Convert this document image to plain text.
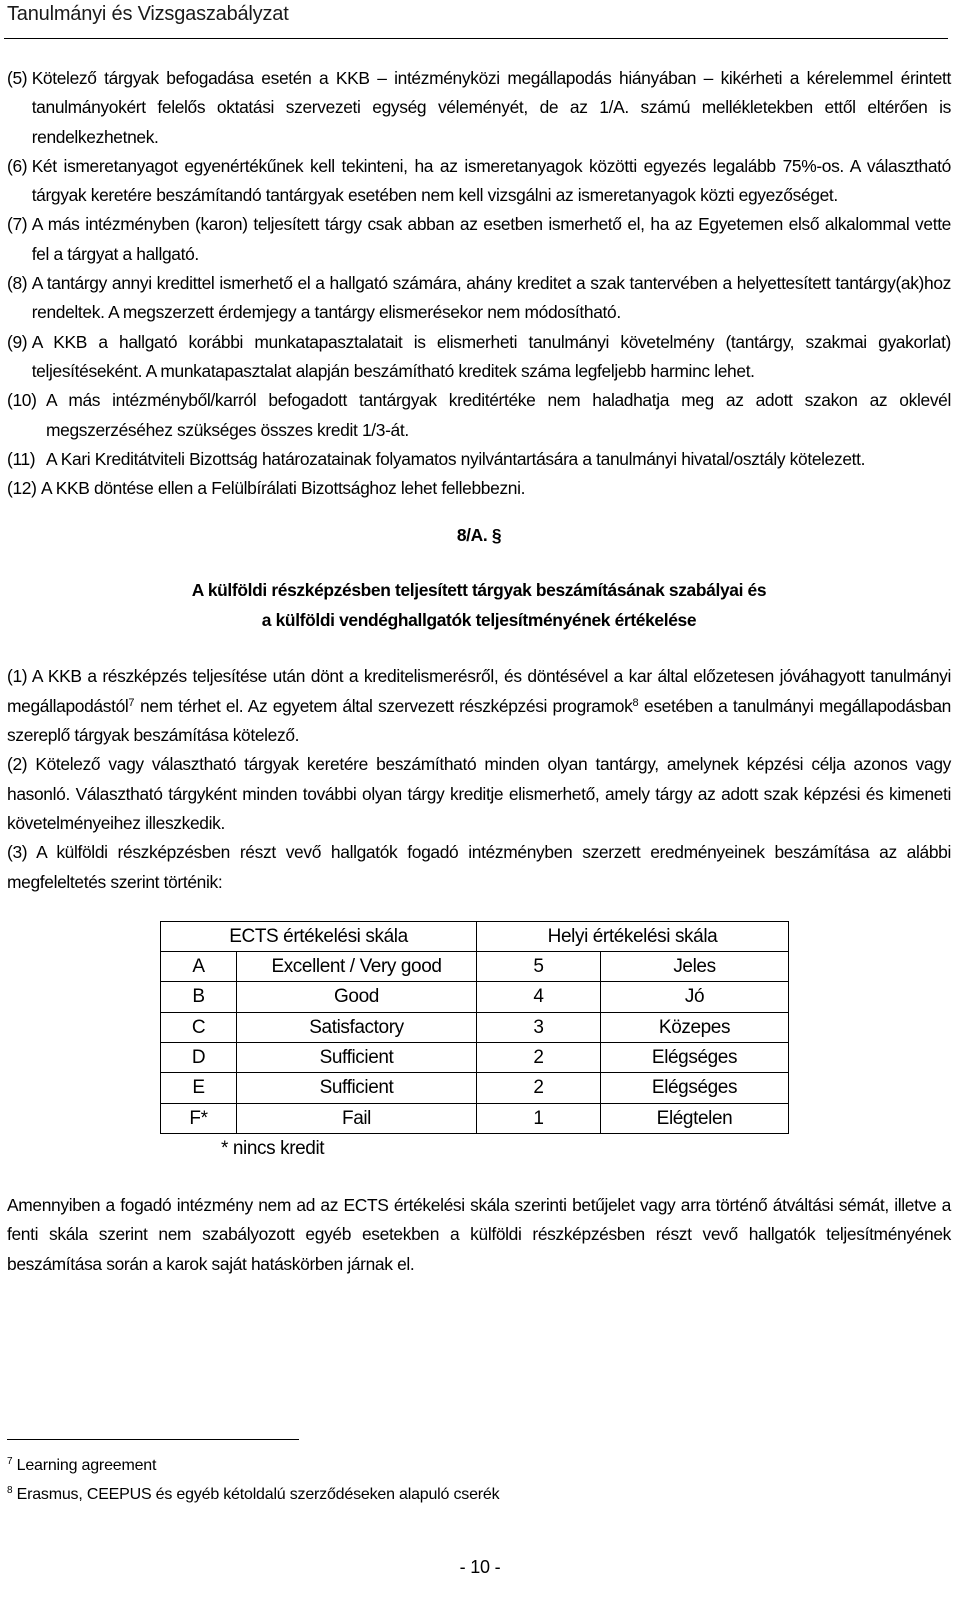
Tanulmányi és Vizsgaszabályzat
(5) Kötelező tárgyak befogadása esetén a KKB – intézményközi megállapodás hiányában – kikérheti a kérelemmel érintett tanulmányokért felelős oktatási szervezeti egység véleményét, de az 1/A. számú mellékletekben ettől eltérően is rendelkezhetnek.
(6) Két ismeretanyagot egyenértékűnek kell tekinteni, ha az ismeretanyagok közötti egyezés legalább 75%-os. A választható tárgyak keretére beszámítandó tantárgyak esetében nem kell vizsgálni az ismeretanyagok közti egyezőséget.
(7) A más intézményben (karon) teljesített tárgy csak abban az esetben ismerhető el, ha az Egyetemen első alkalommal vette fel a tárgyat a hallgató.
(8) A tantárgy annyi kredittel ismerhető el a hallgató számára, ahány kreditet a szak tantervében a helyettesített tantárgy(ak)hoz rendeltek. A megszerzett érdemjegy a tantárgy elismerésekor nem módosítható.
(9) A KKB a hallgató korábbi munkatapasztalatait is elismerheti tanulmányi követelmény (tantárgy, szakmai gyakorlat) teljesítéseként. A munkatapasztalat alapján beszámítható kreditek száma legfeljebb harminc lehet.
(10) A más intézményből/karról befogadott tantárgyak kreditértéke nem haladhatja meg az adott szakon az oklevél megszerzéséhez szükséges összes kredit 1/3-át.
(11) A Kari Kreditátviteli Bizottság határozatainak folyamatos nyilvántartására a tanulmányi hivatal/osztály kötelezett.
(12) A KKB döntése ellen a Felülbírálati Bizottsághoz lehet fellebbezni.
8/A. §
A külföldi részképzésben teljesített tárgyak beszámításának szabályai és
a külföldi vendéghallgatók teljesítményének értékelése

(1) A KKB a részképzés teljesítése után dönt a kreditelismerésről, és döntésével a kar által előzetesen jóváhagyott tanulmányi megállapodástól$^7$ nem térhet el. Az egyetem által szervezett részképzési programok$^8$ esetében a tanulmányi megállapodásban szereplő tárgyak beszámítása kötelező.

(2) Kötelező vagy választható tárgyak keretére beszámítható minden olyan tantárgy, amelynek képzési célja azonos vagy hasonló. Választható tárgyként minden további olyan tárgy kreditje elismerhető, amely tárgy az adott szak képzési és kimeneti követelményeihez illeszkedik.

(3) A külföldi részképzésben részt vevő hallgatók fogadó intézményben szerzett eredményeinek beszámítása az alábbi megfeleltetés szerint történik:

ECTS értékelési skála		Helyi értékelési skála	
A	Excellent / Very good	5	Jeles
B	Good	4	Jó
C	Satisfactory	3	Közepes
D	Sufficient	2	Elégséges
E	Sufficient	2	Elégséges
F*	Fail	1	Elégtelen
* nincs kredit

Amennyiben a fogadó intézmény nem ad az ECTS értékelési skála szerinti betűjelet vagy arra történő átváltási sémát, illetve a fenti skála szerint nem szabályozott egyéb esetekben a külföldi részképzésben részt vevő hallgatók teljesítményének beszámítása során a karok saját hatáskörben járnak el.

$^7$ Learning agreement
$^8$ Erasmus, CEEPUS és egyéb kétoldalú szerződéseken alapuló cserék
- 10 -
